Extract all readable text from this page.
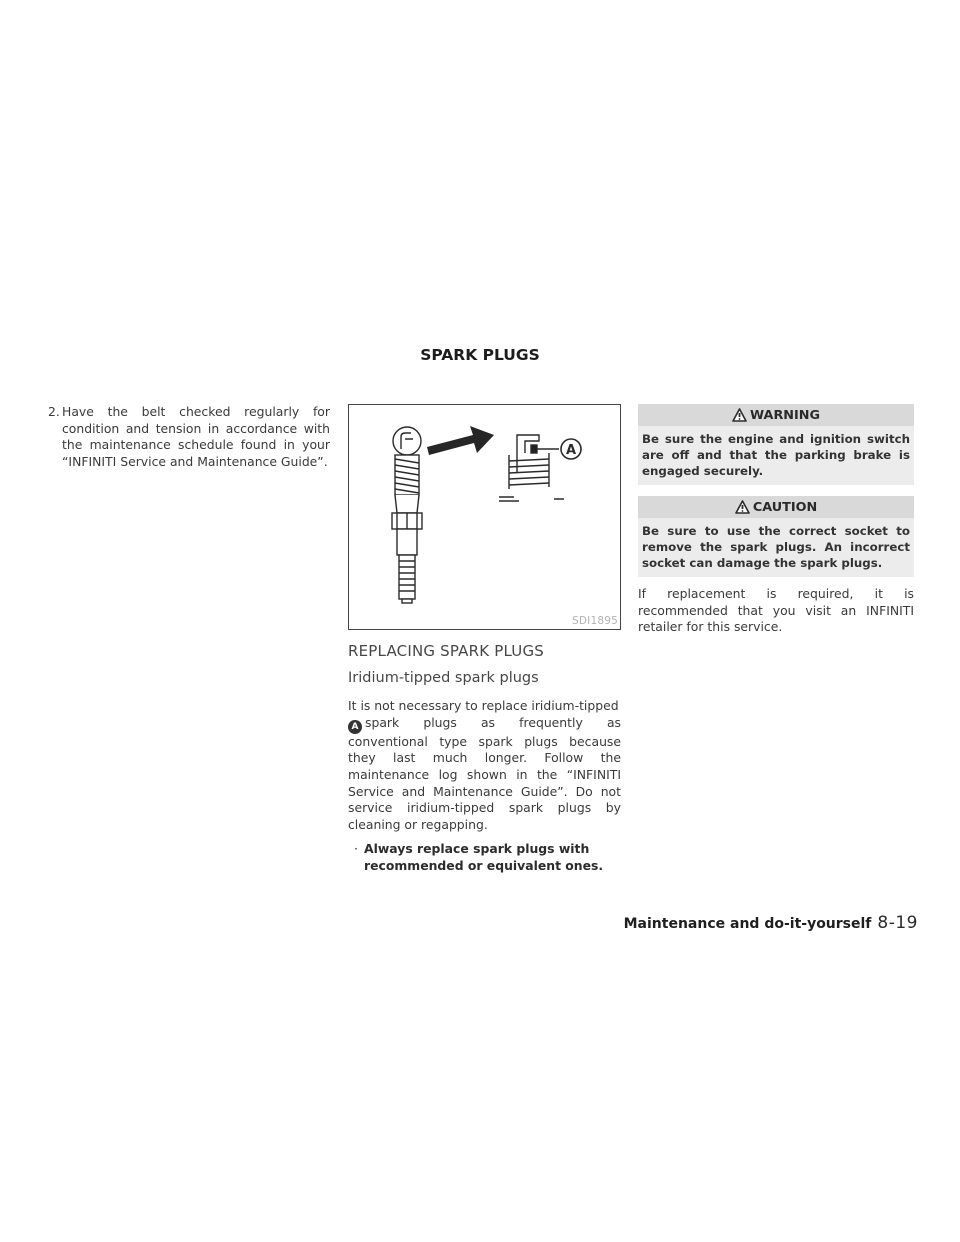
SPARK PLUGS
2. Have the belt checked regularly for condition and tension in accordance with the maintenance schedule found in your “INFINITI Service and Maintenance Guide”.
A
SDI1895
REPLACING SPARK PLUGS
Iridium-tipped spark plugs

It is not necessary to replace iridium-tipped

A spark plugs as frequently as conventional type spark plugs because they last much longer. Follow the maintenance log shown in the “INFINITI Service and Maintenance Guide”. Do not service iridium-tipped spark plugs by cleaning or regapping.

· Always replace spark plugs with recommended or equivalent ones.
WARNING
Be sure the engine and ignition switch are off and that the parking brake is engaged securely.
CAUTION
Be sure to use the correct socket to remove the spark plugs. An incorrect socket can damage the spark plugs.

If replacement is required, it is recommended that you visit an INFINITI retailer for this service.

Maintenance and do-it-yourself 8-19
